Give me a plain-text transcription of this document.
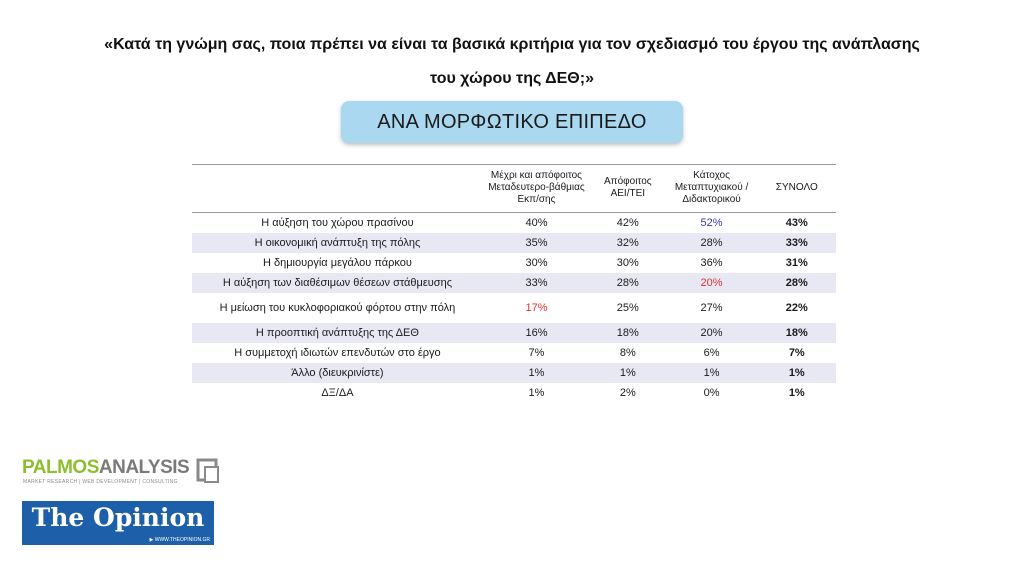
«Κατά τη γνώμη σας, ποια πρέπει να είναι τα βασικά κριτήρια για τον σχεδιασμό του έργου της ανάπλασης του χώρου της ΔΕΘ;»
ΑΝΑ ΜΟΡΦΩΤΙΚΟ ΕΠΙΠΕΔΟ
	Μέχρι και απόφοιτος Μεταδευτερο-βάθμιας Εκπ/σης	Απόφοιτος ΑΕΙ/ΤΕΙ	Κάτοχος Μεταπτυχιακού / Διδακτορικού	ΣΥΝΟΛΟ
Η αύξηση του χώρου πρασίνου	40%	42%	52%	43%
Η οικονομική ανάπτυξη της πόλης	35%	32%	28%	33%
Η δημιουργία μεγάλου πάρκου	30%	30%	36%	31%
Η αύξηση των διαθέσιμων θέσεων στάθμευσης	33%	28%	20%	28%
Η μείωση του κυκλοφοριακού φόρτου στην πόλη	17%	25%	27%	22%
Η προοπτική ανάπτυξης της ΔΕΘ	16%	18%	20%	18%
Η συμμετοχή ιδιωτών επενδυτών στο έργο	7%	8%	6%	7%
Άλλο (διευκρινίστε)	1%	1%	1%	1%
ΔΞ/ΔΑ	1%	2%	0%	1%
PALMOSANALYSIS
MARKET RESEARCH | WEB DEVELOPMENT | CONSULTING
The Opinion
▶ WWW.THEOPINION.GR
